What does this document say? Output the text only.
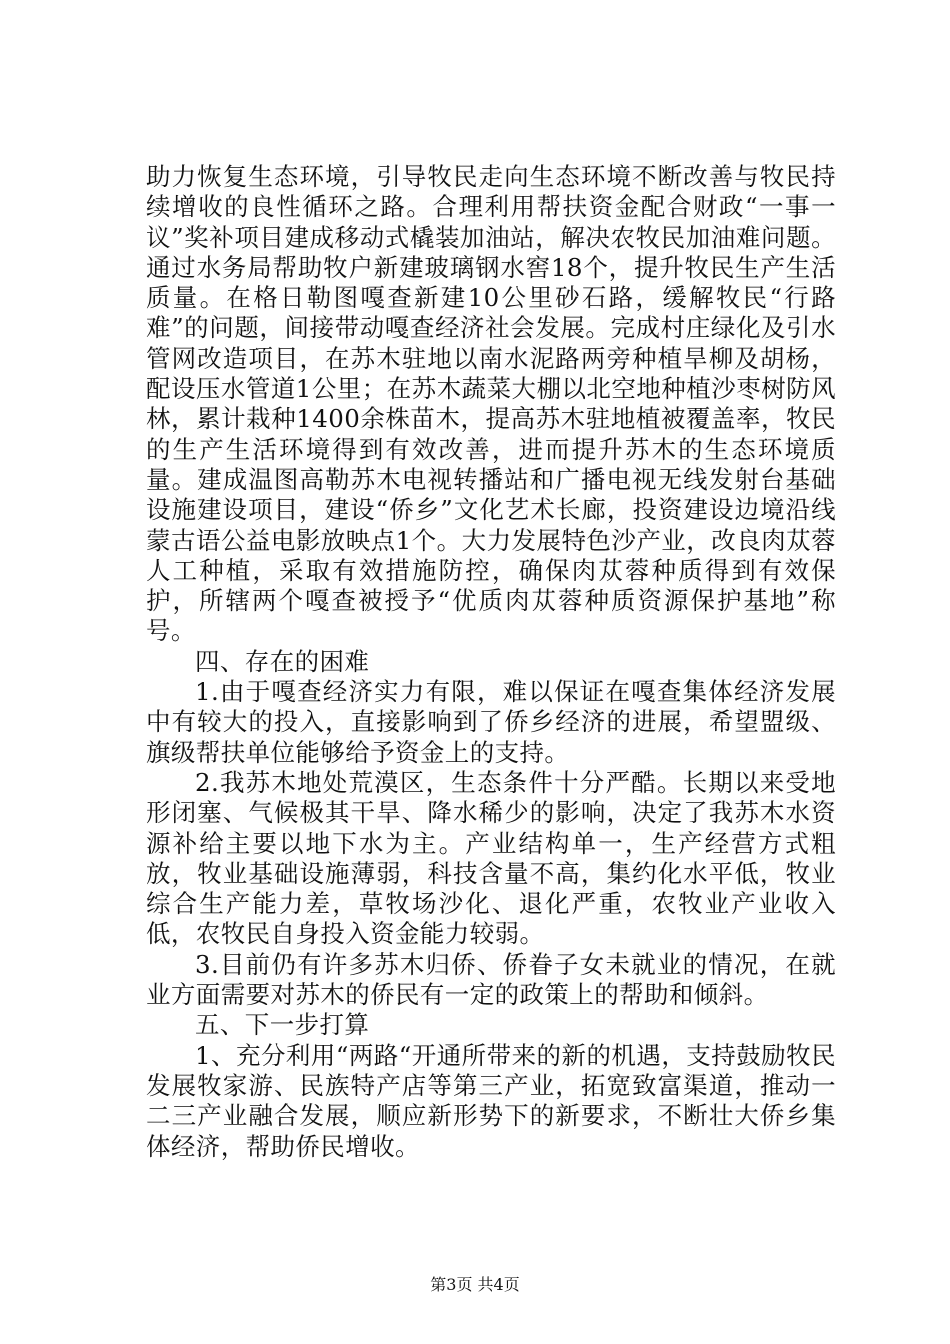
助力恢复生态环境，引导牧民走向生态环境不断改善与牧民持续增收的良性循环之路。合理利用帮扶资金配合财政“一事一议”奖补项目建成移动式橇装加油站，解决农牧民加油难问题。通过水务局帮助牧户新建玻璃钢水窖18个，提升牧民生产生活质量。在格日勒图嘎查新建10公里砂石路，缓解牧民“行路难”的问题，间接带动嘎查经济社会发展。完成村庄绿化及引水管网改造项目，在苏木驻地以南水泥路两旁种植旱柳及胡杨，配设压水管道1公里；在苏木蔬菜大棚以北空地种植沙枣树防风林，累计栽种1400余株苗木，提高苏木驻地植被覆盖率，牧民的生产生活环境得到有效改善，进而提升苏木的生态环境质量。建成温图高勒苏木电视转播站和广播电视无线发射台基础设施建设项目，建设“侨乡”文化艺术长廊，投资建设边境沿线蒙古语公益电影放映点1个。大力发展特色沙产业，改良肉苁蓉人工种植，采取有效措施防控，确保肉苁蓉种质得到有效保护，所辖两个嘎查被授予“优质肉苁蓉种质资源保护基地”称号。

四、存在的困难

1.由于嘎查经济实力有限，难以保证在嘎查集体经济发展中有较大的投入，直接影响到了侨乡经济的进展，希望盟级、旗级帮扶单位能够给予资金上的支持。

2.我苏木地处荒漠区，生态条件十分严酷。长期以来受地形闭塞、气候极其干旱、降水稀少的影响，决定了我苏木水资源补给主要以地下水为主。产业结构单一，生产经营方式粗放，牧业基础设施薄弱，科技含量不高，集约化水平低，牧业综合生产能力差，草牧场沙化、退化严重，农牧业产业收入低，农牧民自身投入资金能力较弱。

3.目前仍有许多苏木归侨、侨眷子女未就业的情况，在就业方面需要对苏木的侨民有一定的政策上的帮助和倾斜。

五、下一步打算

1、充分利用“两路“开通所带来的新的机遇，支持鼓励牧民发展牧家游、民族特产店等第三产业，拓宽致富渠道，推动一二三产业融合发展，顺应新形势下的新要求，不断壮大侨乡集体经济，帮助侨民增收。

第3页 共4页
